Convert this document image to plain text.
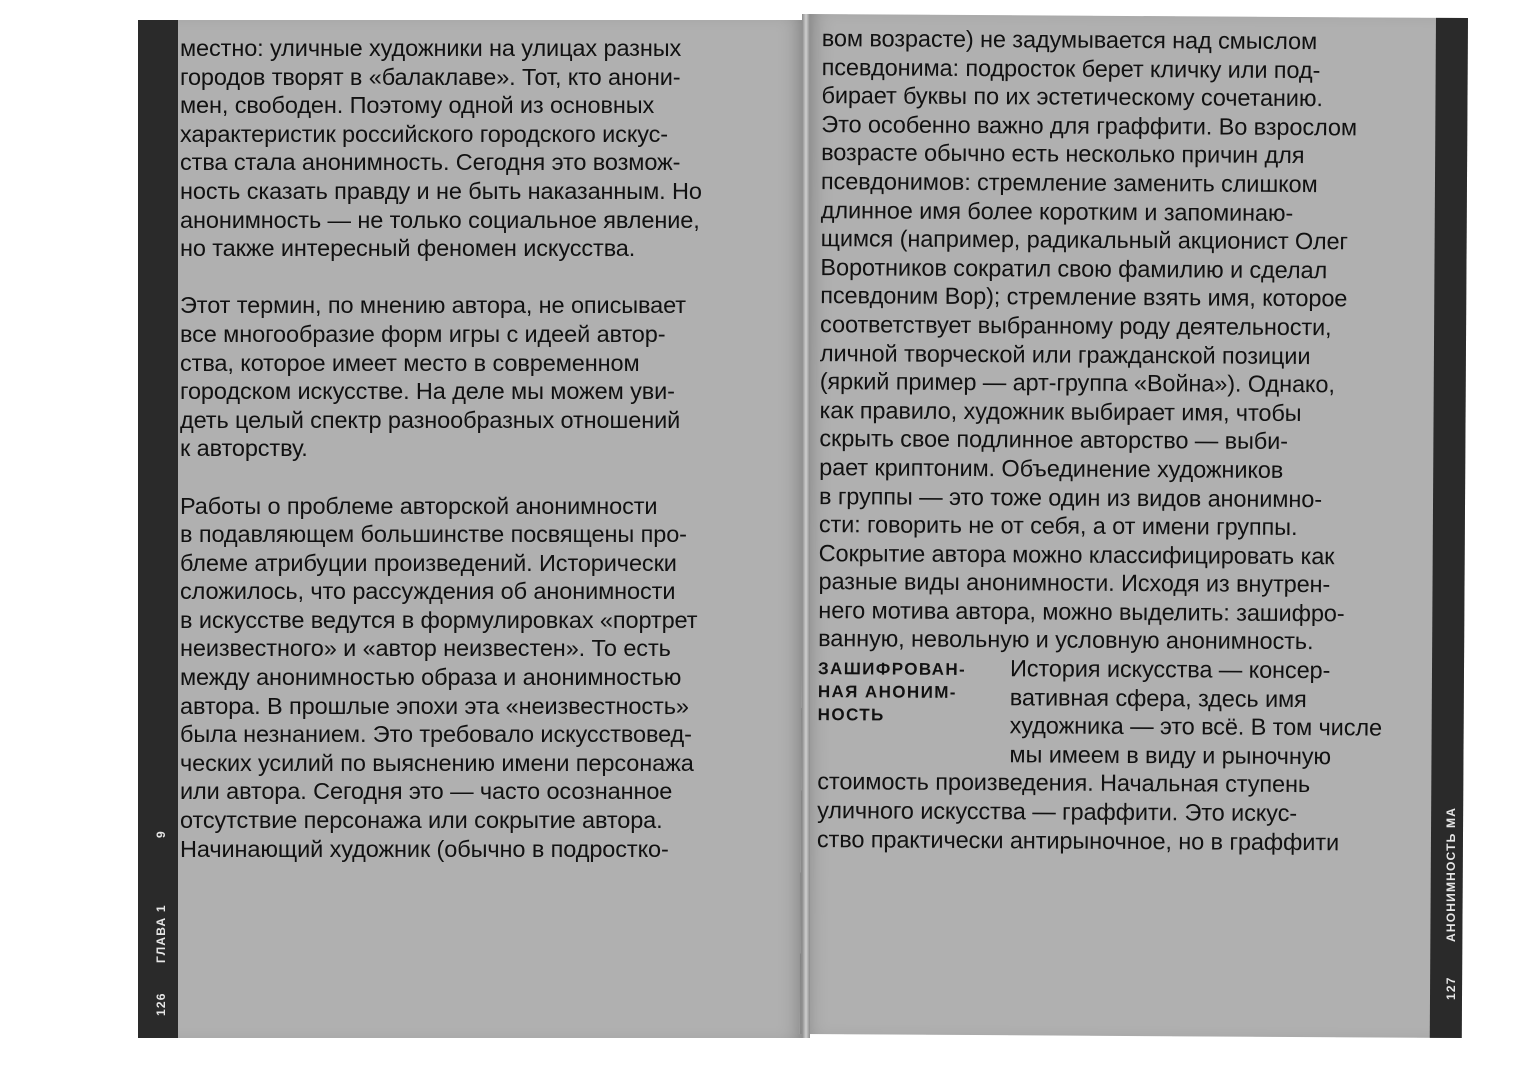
местно: уличные художники на улицах разных
городов творят в «балаклаве». Тот, кто анони-
мен, свободен. Поэтому одной из основных
характеристик российского городского искус-
ства стала анонимность. Сегодня это возмож-
ность сказать правду и не быть наказанным. Но
анонимность — не только социальное явление,
но также интересный феномен искусства.
Этот термин, по мнению автора, не описывает
все многообразие форм игры с идеей автор-
ства, которое имеет место в современном
городском искусстве. На деле мы можем уви-
деть целый спектр разнообразных отношений
к авторству.
Работы о проблеме авторской анонимности
в подавляющем большинстве посвящены про-
блеме атрибуции произведений. Исторически
сложилось, что рассуждения об анонимности
в искусстве ведутся в формулировках «портрет
неизвестного» и «автор неизвестен». То есть
между анонимностью образа и анонимностью
автора. В прошлые эпохи эта «неизвестность»
была незнанием. Это требовало искусствовед-
ческих усилий по выяснению имени персонажа
или автора. Сегодня это — часто осознанное
отсутствие персонажа или сокрытие автора.
Начинающий художник (обычно в подростко-
126
ГЛАВА 1
9
вом возрасте) не задумывается над смыслом
псевдонима: подросток берет кличку или под-
бирает буквы по их эстетическому сочетанию.
Это особенно важно для граффити. Во взрослом
возрасте обычно есть несколько причин для
псевдонимов: стремление заменить слишком
длинное имя более коротким и запоминаю-
щимся (например, радикальный акционист Олег
Воротников сократил свою фамилию и сделал
псевдоним Вор); стремление взять имя, которое
соответствует выбранному роду деятельности,
личной творческой или гражданской позиции
(яркий пример — арт-группа «Война»). Однако,
как правило, художник выбирает имя, чтобы
скрыть свое подлинное авторство — выби-
рает криптоним. Объединение художников
в группы — это тоже один из видов анонимно-
сти: говорить не от себя, а от имени группы.
Сокрытие автора можно классифицировать как
разные виды анонимности. Исходя из внутрен-
него мотива автора, можно выделить: зашифро-
ванную, невольную и условную анонимность.
ЗАШИФРОВАН-
НАЯ АНОНИМ-
НОСТЬ
История искусства — консер-
вативная сфера, здесь имя
художника — это всё. В том числе
мы имеем в виду и рыночную
стоимость произведения. Начальная ступень
уличного искусства — граффити. Это искус-
ство практически антирыночное, но в граффити
127
АНОНИМНОСТЬ МА
